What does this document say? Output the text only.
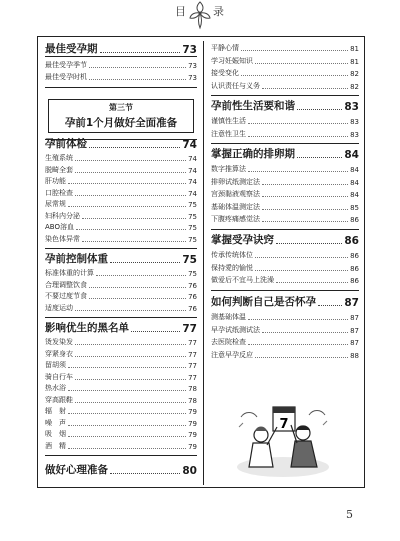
目 录
最佳受孕期	73
最佳受孕季节	73
最佳受孕时机	73
第三节
孕前1个月做好全面准备
孕前体检	74
生殖系统	74
脱畸全套	74
肝功能	74
口腔检查	74
尿常规	75
妇科内分泌	75
ABO溶血	75
染色体异常	75
孕前控制体重	75
标准体重的计算	75
合理调整饮食	76
不要过度节食	76
适度运动	76
影响优生的黑名单	77
烫发染发	77
穿紧身衣	77
留胡须	77
骑自行车	77
热水浴	78
穿高跟鞋	78
辐　射	79
噪　声	79
吸　烟	79
酒　精	79
做好心理准备	80
平静心情	81
学习妊娠知识	81
接受变化	82
认识责任与义务	82
孕前性生活要和谐	83
谨慎性生活	83
注意性卫生	83
掌握正确的排卵期	84
数字推算法	84
排卵试纸测定法	84
宫颈黏液观察法	84
基础体温测定法	85
下腹疼痛感觉法	86
掌握受孕诀窍	86
传承传统体位	86
保持愛的愉悦	86
做爱后不宜马上洗澡	86
如何判断自己是否怀孕	87
测基础体温	87
早孕试纸测试法	87
去医院检查	87
注意早孕反应	88
7
5
